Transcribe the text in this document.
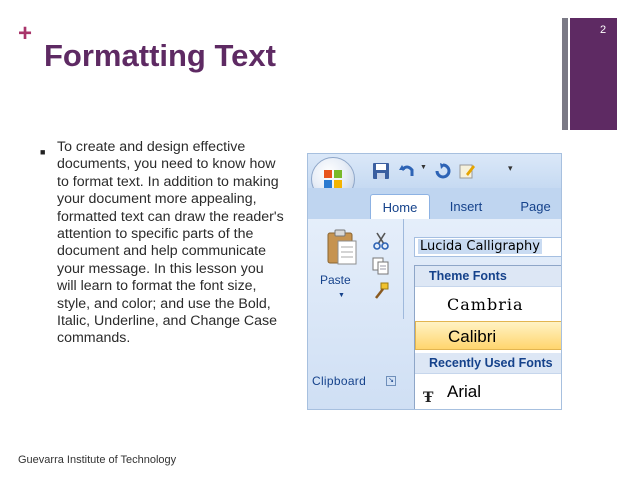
+
Formatting Text
2
■ To create and design effective documents, you need to know how to format text. In addition to making your document more appealing, formatted text can draw the reader's attention to specific parts of the document and help communicate your message. In this lesson you will learn to format the font size, style, and color; and use the Bold, Italic, Underline, and Change Case commands.

Guevarra Institute of Technology
▼	▾
Home	Insert	Page
Paste
▼
Clipboard	↘
Lucida Calligraphy
Theme Fonts
Cambria
Calibri
Recently Used Fonts
Ŧ Arial
